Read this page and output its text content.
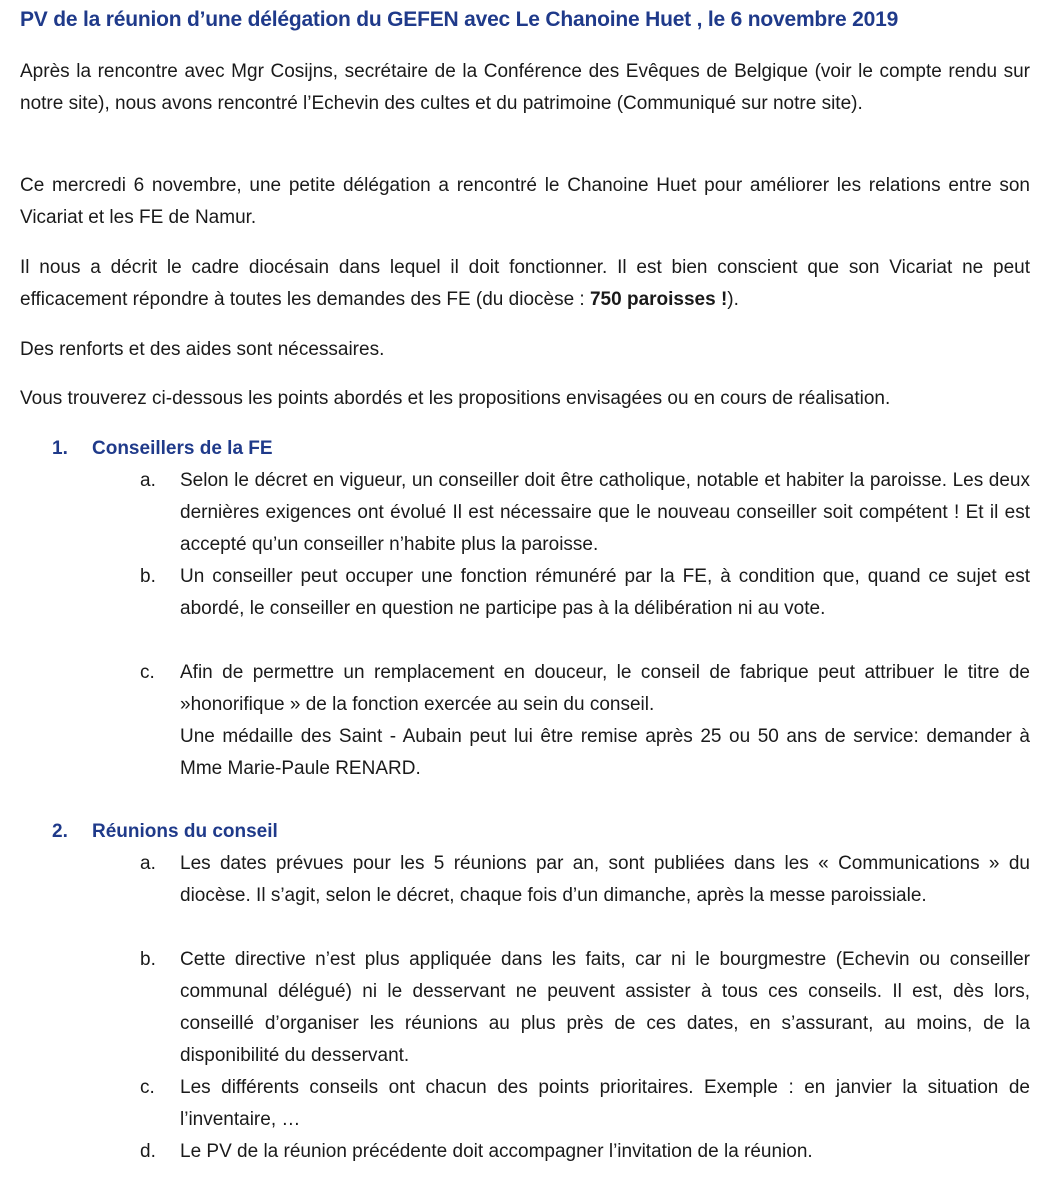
PV de la réunion d’une délégation du GEFEN avec Le Chanoine Huet , le 6 novembre 2019
Après la rencontre avec Mgr Cosijns, secrétaire de la Conférence des Evêques de Belgique (voir le compte rendu sur notre site), nous avons rencontré l’Echevin des cultes et du patrimoine (Communiqué sur notre site).
Ce mercredi 6 novembre, une petite délégation a rencontré le Chanoine Huet pour améliorer les relations entre son Vicariat et les FE de Namur.
Il nous a décrit le cadre diocésain dans lequel il doit fonctionner. Il est bien conscient que son Vicariat ne peut efficacement répondre à toutes les demandes des FE (du diocèse : 750 paroisses !).
Des renforts et des aides sont nécessaires.
Vous trouverez ci-dessous les points abordés et les propositions envisagées ou en cours de réalisation.
1. Conseillers de la FE
a.	Selon le décret en vigueur, un conseiller doit être catholique, notable et habiter la paroisse. Les deux dernières exigences ont évolué Il est nécessaire que le nouveau conseiller soit compétent ! Et il est accepté qu’un conseiller n’habite plus la paroisse.

b.	Un conseiller peut occuper une fonction rémunéré par la FE, à condition que, quand ce sujet est abordé, le conseiller en question ne participe pas à la délibération ni au vote.

c.	Afin de permettre un remplacement en douceur, le conseil de fabrique peut attribuer le titre de »honorifique » de la fonction exercée au sein du conseil.

Une médaille des Saint - Aubain peut lui être remise après 25 ou 50 ans de service: demander à Mme Marie-Paule RENARD.

2. Réunions du conseil
a.	Les dates prévues pour les 5 réunions par an, sont publiées dans les « Communications » du diocèse. Il s’agit, selon le décret, chaque fois d’un dimanche, après la messe paroissiale.

b.	Cette directive n’est plus appliquée dans les faits, car ni le bourgmestre (Echevin ou conseiller communal délégué) ni le desservant ne peuvent assister à tous ces conseils. Il est, dès lors, conseillé d’organiser les réunions au plus près de ces dates, en s’assurant, au moins, de la disponibilité du desservant.

c.	Les différents conseils ont chacun des points prioritaires. Exemple : en janvier la situation de l’inventaire, …

d.	Le PV de la réunion précédente doit accompagner l’invitation de la réunion.
